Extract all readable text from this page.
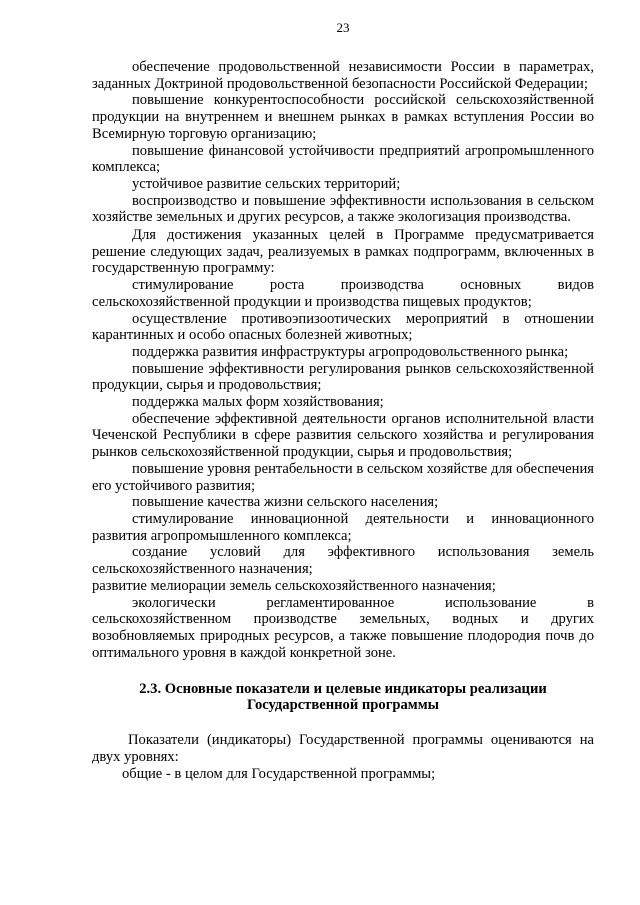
23

обеспечение продовольственной независимости России в параметрах, заданных Доктриной продовольственной безопасности Российской Федерации;

повышение конкурентоспособности российской сельскохозяйственной продукции на внутреннем и внешнем рынках в рамках вступления России во Всемирную торговую организацию;

повышение финансовой устойчивости предприятий агропромышленного комплекса;

устойчивое развитие сельских территорий;

воспроизводство и повышение эффективности использования в сельском хозяйстве земельных и других ресурсов, а также экологизация производства.

Для достижения указанных целей в Программе предусматривается решение следующих задач, реализуемых в рамках подпрограмм, включенных в государственную программу:

стимулирование роста производства основных видов сельскохозяйственной продукции и производства пищевых продуктов;

осуществление противоэпизоотических мероприятий в отношении карантинных и особо опасных болезней животных;

поддержка развития инфраструктуры агропродовольственного рынка;

повышение эффективности регулирования рынков сельскохозяйственной продукции, сырья и продовольствия;

поддержка малых форм хозяйствования;

обеспечение эффективной деятельности органов исполнительной власти Чеченской Республики в сфере развития сельского хозяйства и регулирования рынков сельскохозяйственной продукции, сырья и продовольствия;

повышение уровня рентабельности в сельском хозяйстве для обеспечения его устойчивого развития;

повышение качества жизни сельского населения;

стимулирование инновационной деятельности и инновационного развития агропромышленного комплекса;

создание условий для эффективного использования земель сельскохозяйственного назначения;

развитие мелиорации земель сельскохозяйственного назначения;

экологически регламентированное использование в сельскохозяйственном производстве земельных, водных и других возобновляемых природных ресурсов, а также повышение плодородия почв до оптимального уровня в каждой конкретной зоне.

2.3. Основные показатели и целевые индикаторы реализации
Государственной программы

Показатели (индикаторы) Государственной программы оцениваются на двух уровнях:

общие - в целом для Государственной программы;
